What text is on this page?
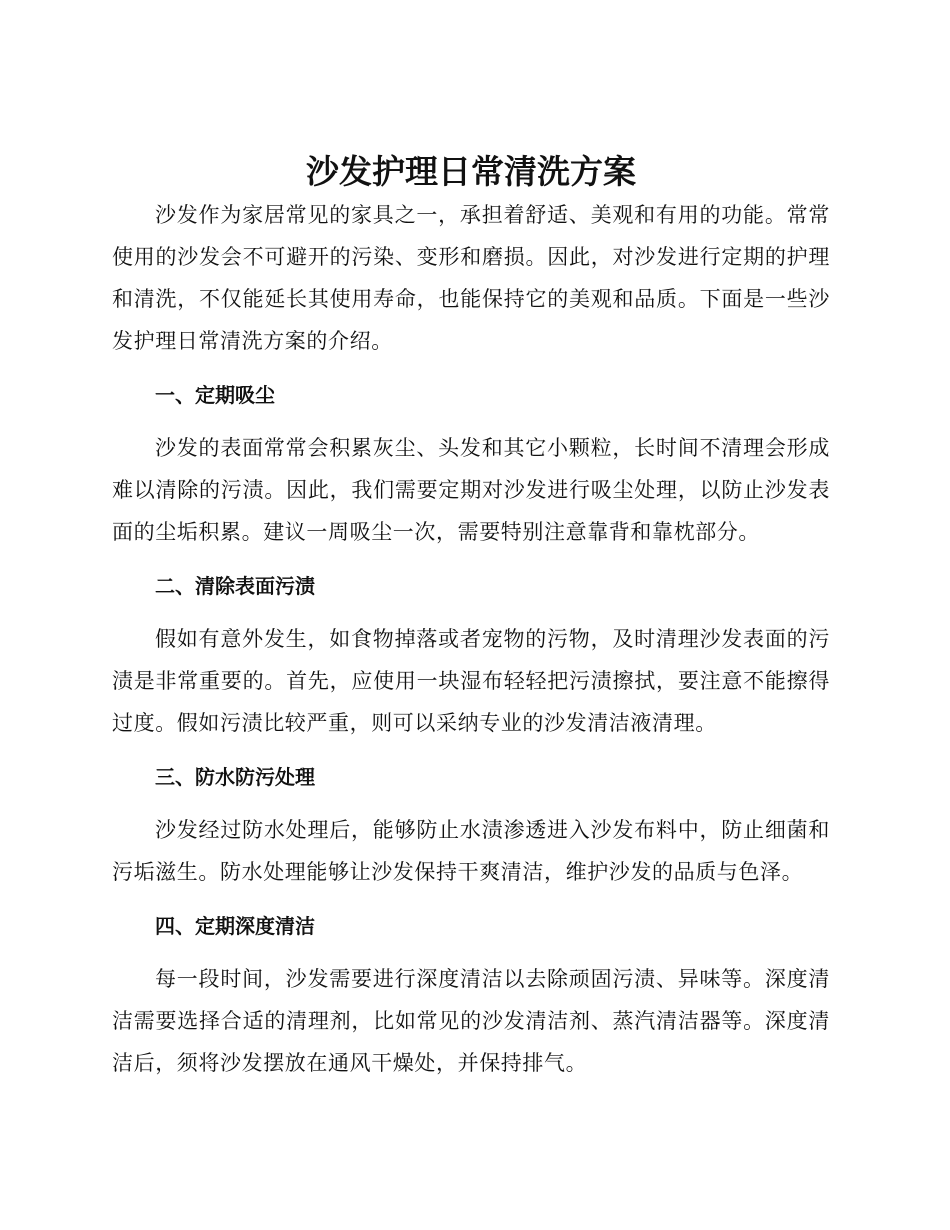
沙发护理日常清洗方案

沙发作为家居常见的家具之一，承担着舒适、美观和有用的功能。常常使用的沙发会不可避开的污染、变形和磨损。因此，对沙发进行定期的护理和清洗，不仅能延长其使用寿命，也能保持它的美观和品质。下面是一些沙发护理日常清洗方案的介绍。

一、定期吸尘

沙发的表面常常会积累灰尘、头发和其它小颗粒，长时间不清理会形成难以清除的污渍。因此，我们需要定期对沙发进行吸尘处理，以防止沙发表面的尘垢积累。建议一周吸尘一次，需要特别注意靠背和靠枕部分。

二、清除表面污渍

假如有意外发生，如食物掉落或者宠物的污物，及时清理沙发表面的污渍是非常重要的。首先，应使用一块湿布轻轻把污渍擦拭，要注意不能擦得过度。假如污渍比较严重，则可以采纳专业的沙发清洁液清理。

三、防水防污处理

沙发经过防水处理后，能够防止水渍渗透进入沙发布料中，防止细菌和污垢滋生。防水处理能够让沙发保持干爽清洁，维护沙发的品质与色泽。

四、定期深度清洁

每一段时间，沙发需要进行深度清洁以去除顽固污渍、异味等。深度清洁需要选择合适的清理剂，比如常见的沙发清洁剂、蒸汽清洁器等。深度清洁后，须将沙发摆放在通风干燥处，并保持排气。
